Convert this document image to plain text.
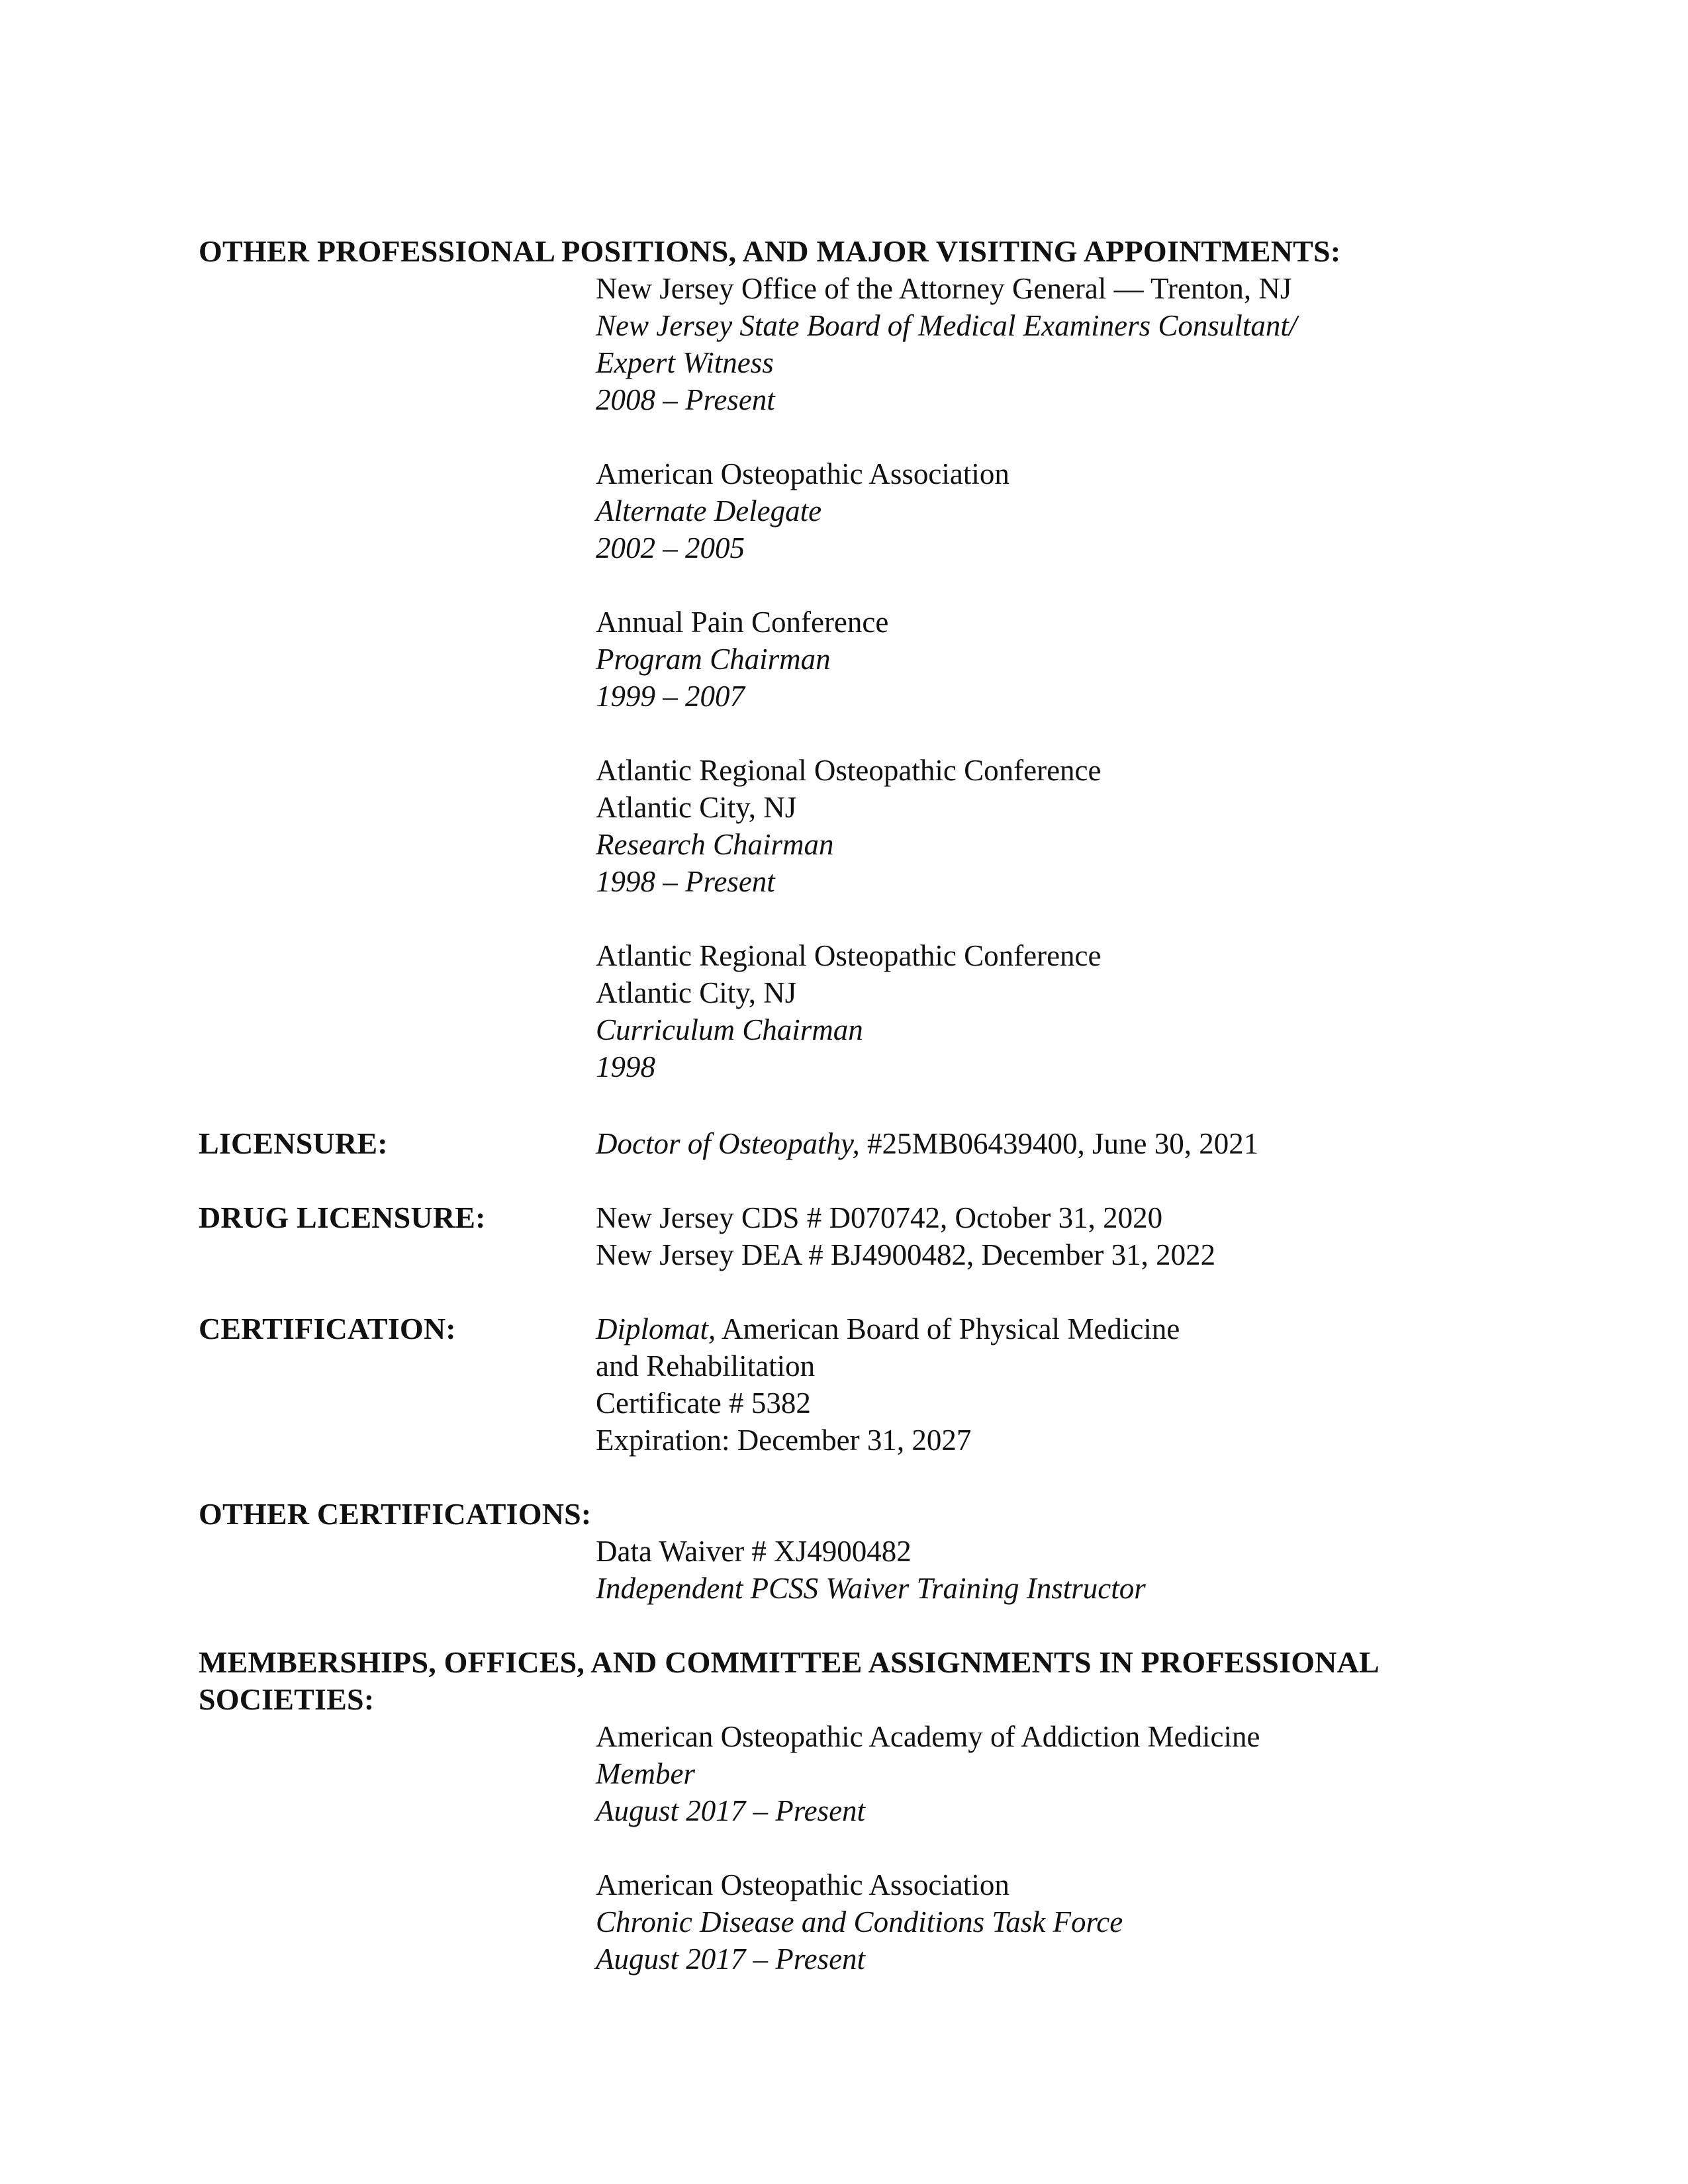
OTHER PROFESSIONAL POSITIONS, AND MAJOR VISITING APPOINTMENTS:
New Jersey Office of the Attorney General — Trenton, NJ
New Jersey State Board of Medical Examiners Consultant/
Expert Witness
2008 – Present
American Osteopathic Association
Alternate Delegate
2002 – 2005
Annual Pain Conference
Program Chairman
1999 – 2007
Atlantic Regional Osteopathic Conference
Atlantic City, NJ
Research Chairman
1998 – Present
Atlantic Regional Osteopathic Conference
Atlantic City, NJ
Curriculum Chairman
1998
LICENSURE:	Doctor of Osteopathy, #25MB06439400, June 30, 2021
DRUG LICENSURE:	New Jersey CDS # D070742, October 31, 2020
New Jersey DEA # BJ4900482, December 31, 2022
CERTIFICATION:	Diplomat, American Board of Physical Medicine
and Rehabilitation
Certificate # 5382
Expiration: December 31, 2027
OTHER CERTIFICATIONS:
Data Waiver # XJ4900482
Independent PCSS Waiver Training Instructor
MEMBERSHIPS, OFFICES, AND COMMITTEE ASSIGNMENTS IN PROFESSIONAL
SOCIETIES:
American Osteopathic Academy of Addiction Medicine
Member
August 2017 – Present
American Osteopathic Association
Chronic Disease and Conditions Task Force
August 2017 – Present
